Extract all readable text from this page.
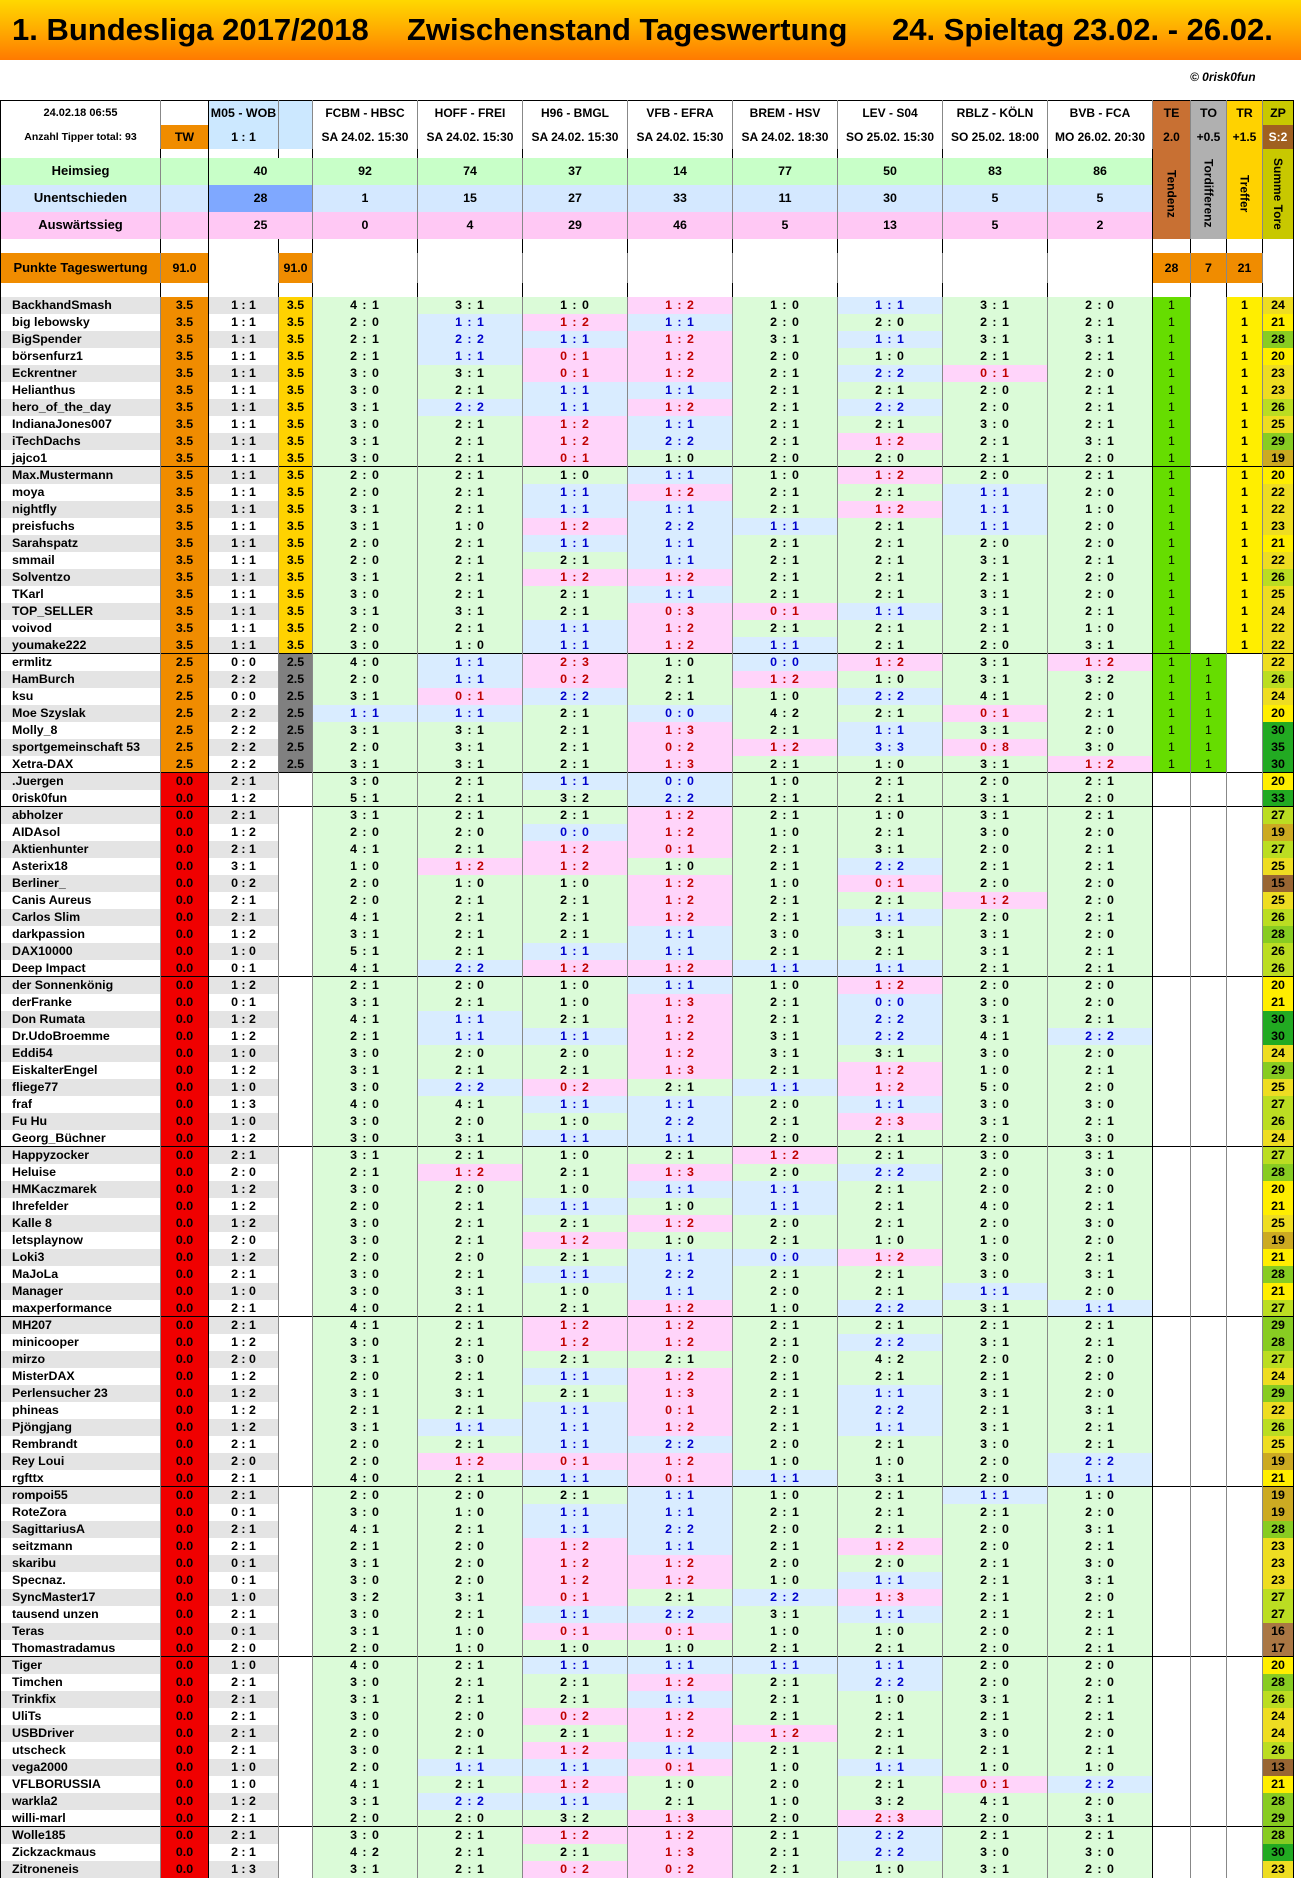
1. Bundesliga 2017/2018 Zwischenstand Tageswertung 24. Spieltag 23.02. - 26.02.
© 0risk0fun
24.02.18 06:55		M05 - WOB		FCBM - HBSC	HOFF - FREI	H96 - BMGL	VFB - EFRA	BREM - HSV	LEV - S04	RBLZ - KÖLN	BVB - FCA	TE	TO	TR	ZP
Anzahl Tipper total: 93	TW	1 : 1		SA 24.02. 15:30	SA 24.02. 15:30	SA 24.02. 15:30	SA 24.02. 15:30	SA 24.02. 18:30	SO 25.02. 15:30	SO 25.02. 18:00	MO 26.02. 20:30	2.0	+0.5	+1.5	S:2

												Tendenz	Tordifferenz	Treffer	Summe Tore

Heimsieg		40		92	74	37	14	77	50	83	86				
Unentschieden		28		1	15	27	33	11	30	5	5				
Auswärtssieg		25		0	4	29	46	5	13	5	2				

Punkte Tageswertung	91.0		91.0									28	7	21	

BackhandSmash	3.5	1 : 1	3.5	4 : 1	3 : 1	1 : 0	1 : 2	1 : 0	1 : 1	3 : 1	2 : 0	1		1	24
big lebowsky	3.5	1 : 1	3.5	2 : 0	1 : 1	1 : 2	1 : 1	2 : 0	2 : 0	2 : 1	2 : 1	1		1	21
BigSpender	3.5	1 : 1	3.5	2 : 1	2 : 2	1 : 1	1 : 2	3 : 1	1 : 1	3 : 1	3 : 1	1		1	28
börsenfurz1	3.5	1 : 1	3.5	2 : 1	1 : 1	0 : 1	1 : 2	2 : 0	1 : 0	2 : 1	2 : 1	1		1	20
Eckrentner	3.5	1 : 1	3.5	3 : 0	3 : 1	0 : 1	1 : 2	2 : 1	2 : 2	0 : 1	2 : 0	1		1	23
Helianthus	3.5	1 : 1	3.5	3 : 0	2 : 1	1 : 1	1 : 1	2 : 1	2 : 1	2 : 0	2 : 1	1		1	23
hero_of_the_day	3.5	1 : 1	3.5	3 : 1	2 : 2	1 : 1	1 : 2	2 : 1	2 : 2	2 : 0	2 : 1	1		1	26
IndianaJones007	3.5	1 : 1	3.5	3 : 0	2 : 1	1 : 2	1 : 1	2 : 1	2 : 1	3 : 0	2 : 1	1		1	25
iTechDachs	3.5	1 : 1	3.5	3 : 1	2 : 1	1 : 2	2 : 2	2 : 1	1 : 2	2 : 1	3 : 1	1		1	29
jajco1	3.5	1 : 1	3.5	3 : 0	2 : 1	0 : 1	1 : 0	2 : 0	2 : 0	2 : 1	2 : 0	1		1	19
Max.Mustermann	3.5	1 : 1	3.5	2 : 0	2 : 1	1 : 0	1 : 1	1 : 0	1 : 2	2 : 0	2 : 1	1		1	20
moya	3.5	1 : 1	3.5	2 : 0	2 : 1	1 : 1	1 : 2	2 : 1	2 : 1	1 : 1	2 : 0	1		1	22
nightfly	3.5	1 : 1	3.5	3 : 1	2 : 1	1 : 1	1 : 1	2 : 1	1 : 2	1 : 1	1 : 0	1		1	22
preisfuchs	3.5	1 : 1	3.5	3 : 1	1 : 0	1 : 2	2 : 2	1 : 1	2 : 1	1 : 1	2 : 0	1		1	23
Sarahspatz	3.5	1 : 1	3.5	2 : 0	2 : 1	1 : 1	1 : 1	2 : 1	2 : 1	2 : 0	2 : 0	1		1	21
smmail	3.5	1 : 1	3.5	2 : 0	2 : 1	2 : 1	1 : 1	2 : 1	2 : 1	3 : 1	2 : 1	1		1	22
Solventzo	3.5	1 : 1	3.5	3 : 1	2 : 1	1 : 2	1 : 2	2 : 1	2 : 1	2 : 1	2 : 0	1		1	26
TKarl	3.5	1 : 1	3.5	3 : 0	2 : 1	2 : 1	1 : 1	2 : 1	2 : 1	3 : 1	2 : 0	1		1	25
TOP_SELLER	3.5	1 : 1	3.5	3 : 1	3 : 1	2 : 1	0 : 3	0 : 1	1 : 1	3 : 1	2 : 1	1		1	24
voivod	3.5	1 : 1	3.5	2 : 0	2 : 1	1 : 1	1 : 2	2 : 1	2 : 1	2 : 1	1 : 0	1		1	22
youmake222	3.5	1 : 1	3.5	3 : 0	1 : 0	1 : 1	1 : 2	1 : 1	2 : 1	2 : 0	3 : 1	1		1	22
ermlitz	2.5	0 : 0	2.5	4 : 0	1 : 1	2 : 3	1 : 0	0 : 0	1 : 2	3 : 1	1 : 2	1	1		22
HamBurch	2.5	2 : 2	2.5	2 : 0	1 : 1	0 : 2	2 : 1	1 : 2	1 : 0	3 : 1	3 : 2	1	1		26
ksu	2.5	0 : 0	2.5	3 : 1	0 : 1	2 : 2	2 : 1	1 : 0	2 : 2	4 : 1	2 : 0	1	1		24
Moe Szyslak	2.5	2 : 2	2.5	1 : 1	1 : 1	2 : 1	0 : 0	4 : 2	2 : 1	0 : 1	2 : 1	1	1		20
Molly_8	2.5	2 : 2	2.5	3 : 1	3 : 1	2 : 1	1 : 3	2 : 1	1 : 1	3 : 1	2 : 0	1	1		30
sportgemeinschaft 53	2.5	2 : 2	2.5	2 : 0	3 : 1	2 : 1	0 : 2	1 : 2	3 : 3	0 : 8	3 : 0	1	1		35
Xetra-DAX	2.5	2 : 2	2.5	3 : 1	3 : 1	2 : 1	1 : 3	2 : 1	1 : 0	3 : 1	1 : 2	1	1		30
.Juergen	0.0	2 : 1		3 : 0	2 : 1	1 : 1	0 : 0	1 : 0	2 : 1	2 : 0	2 : 1				20
0risk0fun	0.0	1 : 2		5 : 1	2 : 1	3 : 2	2 : 2	2 : 1	2 : 1	3 : 1	2 : 0				33
abholzer	0.0	2 : 1		3 : 1	2 : 1	2 : 1	1 : 2	2 : 1	1 : 0	3 : 1	2 : 1				27
AIDAsol	0.0	1 : 2		2 : 0	2 : 0	0 : 0	1 : 2	1 : 0	2 : 1	3 : 0	2 : 0				19
Aktienhunter	0.0	2 : 1		4 : 1	2 : 1	1 : 2	0 : 1	2 : 1	3 : 1	2 : 0	2 : 1				27
Asterix18	0.0	3 : 1		1 : 0	1 : 2	1 : 2	1 : 0	2 : 1	2 : 2	2 : 1	2 : 1				25
Berliner_	0.0	0 : 2		2 : 0	1 : 0	1 : 0	1 : 2	1 : 0	0 : 1	2 : 0	2 : 0				15
Canis Aureus	0.0	2 : 1		2 : 0	2 : 1	2 : 1	1 : 2	2 : 1	2 : 1	1 : 2	2 : 0				25
Carlos Slim	0.0	2 : 1		4 : 1	2 : 1	2 : 1	1 : 2	2 : 1	1 : 1	2 : 0	2 : 1				26
darkpassion	0.0	1 : 2		3 : 1	2 : 1	2 : 1	1 : 1	3 : 0	3 : 1	3 : 1	2 : 0				28
DAX10000	0.0	1 : 0		5 : 1	2 : 1	1 : 1	1 : 1	2 : 1	2 : 1	3 : 1	2 : 1				26
Deep Impact	0.0	0 : 1		4 : 1	2 : 2	1 : 2	1 : 2	1 : 1	1 : 1	2 : 1	2 : 1				26
der Sonnenkönig	0.0	1 : 2		2 : 1	2 : 0	1 : 0	1 : 1	1 : 0	1 : 2	2 : 0	2 : 0				20
derFranke	0.0	0 : 1		3 : 1	2 : 1	1 : 0	1 : 3	2 : 1	0 : 0	3 : 0	2 : 0				21
Don Rumata	0.0	1 : 2		4 : 1	1 : 1	2 : 1	1 : 2	2 : 1	2 : 2	3 : 1	2 : 1				30
Dr.UdoBroemme	0.0	1 : 2		2 : 1	1 : 1	1 : 1	1 : 2	3 : 1	2 : 2	4 : 1	2 : 2				30
Eddi54	0.0	1 : 0		3 : 0	2 : 0	2 : 0	1 : 2	3 : 1	3 : 1	3 : 0	2 : 0				24
EiskalterEngel	0.0	1 : 2		3 : 1	2 : 1	2 : 1	1 : 3	2 : 1	1 : 2	1 : 0	2 : 1				29
fliege77	0.0	1 : 0		3 : 0	2 : 2	0 : 2	2 : 1	1 : 1	1 : 2	5 : 0	2 : 0				25
fraf	0.0	1 : 3		4 : 0	4 : 1	1 : 1	1 : 1	2 : 0	1 : 1	3 : 0	3 : 0				27
Fu Hu	0.0	1 : 0		3 : 0	2 : 0	1 : 0	2 : 2	2 : 1	2 : 3	3 : 1	2 : 1				26
Georg_Büchner	0.0	1 : 2		3 : 0	3 : 1	1 : 1	1 : 1	2 : 0	2 : 1	2 : 0	3 : 0				24
Happyzocker	0.0	2 : 1		3 : 1	2 : 1	1 : 0	2 : 1	1 : 2	2 : 1	3 : 0	3 : 1				27
Heluise	0.0	2 : 0		2 : 1	1 : 2	2 : 1	1 : 3	2 : 0	2 : 2	2 : 0	3 : 0				28
HMKaczmarek	0.0	1 : 2		3 : 0	2 : 0	1 : 0	1 : 1	1 : 1	2 : 1	2 : 0	2 : 0				20
Ihrefelder	0.0	1 : 2		2 : 0	2 : 1	1 : 1	1 : 0	1 : 1	2 : 1	4 : 0	2 : 1				21
Kalle 8	0.0	1 : 2		3 : 0	2 : 1	2 : 1	1 : 2	2 : 0	2 : 1	2 : 0	3 : 0				25
letsplaynow	0.0	2 : 0		3 : 0	2 : 1	1 : 2	1 : 0	2 : 1	1 : 0	1 : 0	2 : 0				19
Loki3	0.0	1 : 2		2 : 0	2 : 0	2 : 1	1 : 1	0 : 0	1 : 2	3 : 0	2 : 1				21
MaJoLa	0.0	2 : 1		3 : 0	2 : 1	1 : 1	2 : 2	2 : 1	2 : 1	3 : 0	3 : 1				28
Manager	0.0	1 : 0		3 : 0	3 : 1	1 : 0	1 : 1	2 : 0	2 : 1	1 : 1	2 : 0				21
maxperformance	0.0	2 : 1		4 : 0	2 : 1	2 : 1	1 : 2	1 : 0	2 : 2	3 : 1	1 : 1				27
MH207	0.0	2 : 1		4 : 1	2 : 1	1 : 2	1 : 2	2 : 1	2 : 1	2 : 1	2 : 1				29
minicooper	0.0	1 : 2		3 : 0	2 : 1	1 : 2	1 : 2	2 : 1	2 : 2	3 : 1	2 : 1				28
mirzo	0.0	2 : 0		3 : 1	3 : 0	2 : 1	2 : 1	2 : 0	4 : 2	2 : 0	2 : 0				27
MisterDAX	0.0	1 : 2		2 : 0	2 : 1	1 : 1	1 : 2	2 : 1	2 : 1	2 : 1	2 : 0				24
Perlensucher 23	0.0	1 : 2		3 : 1	3 : 1	2 : 1	1 : 3	2 : 1	1 : 1	3 : 1	2 : 0				29
phineas	0.0	1 : 2		2 : 1	2 : 1	1 : 1	0 : 1	2 : 1	2 : 2	2 : 1	3 : 1				22
Pjöngjang	0.0	1 : 2		3 : 1	1 : 1	1 : 1	1 : 2	2 : 1	1 : 1	3 : 1	2 : 1				26
Rembrandt	0.0	2 : 1		2 : 0	2 : 1	1 : 1	2 : 2	2 : 0	2 : 1	3 : 0	2 : 1				25
Rey Loui	0.0	2 : 0		2 : 0	1 : 2	0 : 1	1 : 2	1 : 0	1 : 0	2 : 0	2 : 2				19
rgfttx	0.0	2 : 1		4 : 0	2 : 1	1 : 1	0 : 1	1 : 1	3 : 1	2 : 0	1 : 1				21
rompoi55	0.0	2 : 1		2 : 0	2 : 0	2 : 1	1 : 1	1 : 0	2 : 1	1 : 1	1 : 0				19
RoteZora	0.0	0 : 1		3 : 0	1 : 0	1 : 1	1 : 1	2 : 1	2 : 1	2 : 1	2 : 0				19
SagittariusA	0.0	2 : 1		4 : 1	2 : 1	1 : 1	2 : 2	2 : 0	2 : 1	2 : 0	3 : 1				28
seitzmann	0.0	2 : 1		2 : 1	2 : 0	1 : 2	1 : 1	2 : 1	1 : 2	2 : 0	2 : 1				23
skaribu	0.0	0 : 1		3 : 1	2 : 0	1 : 2	1 : 2	2 : 0	2 : 0	2 : 1	3 : 0				23
Specnaz.	0.0	0 : 1		3 : 0	2 : 0	1 : 2	1 : 2	1 : 0	1 : 1	2 : 1	3 : 1				23
SyncMaster17	0.0	1 : 0		3 : 2	3 : 1	0 : 1	2 : 1	2 : 2	1 : 3	2 : 1	2 : 0				27
tausend unzen	0.0	2 : 1		3 : 0	2 : 1	1 : 1	2 : 2	3 : 1	1 : 1	2 : 1	2 : 1				27
Teras	0.0	0 : 1		3 : 1	1 : 0	0 : 1	0 : 1	1 : 0	1 : 0	2 : 0	2 : 1				16
Thomastradamus	0.0	2 : 0		2 : 0	1 : 0	1 : 0	1 : 0	2 : 1	2 : 1	2 : 0	2 : 1				17
Tiger	0.0	1 : 0		4 : 0	2 : 1	1 : 1	1 : 1	1 : 1	1 : 1	2 : 0	2 : 0				20
Timchen	0.0	2 : 1		3 : 0	2 : 1	2 : 1	1 : 2	2 : 1	2 : 2	2 : 0	2 : 0				28
Trinkfix	0.0	2 : 1		3 : 1	2 : 1	2 : 1	1 : 1	2 : 1	1 : 0	3 : 1	2 : 1				26
UliTs	0.0	2 : 1		3 : 0	2 : 0	0 : 2	1 : 2	2 : 1	2 : 1	2 : 1	2 : 1				24
USBDriver	0.0	2 : 1		2 : 0	2 : 0	2 : 1	1 : 2	1 : 2	2 : 1	3 : 0	2 : 0				24
utscheck	0.0	2 : 1		3 : 0	2 : 1	1 : 2	1 : 1	2 : 1	2 : 1	2 : 1	2 : 1				26
vega2000	0.0	1 : 0		2 : 0	1 : 1	1 : 1	0 : 1	1 : 0	1 : 1	1 : 0	1 : 0				13
VFLBORUSSIA	0.0	1 : 0		4 : 1	2 : 1	1 : 2	1 : 0	2 : 0	2 : 1	0 : 1	2 : 2				21
warkla2	0.0	1 : 2		3 : 1	2 : 2	1 : 1	2 : 1	1 : 0	3 : 2	4 : 1	2 : 0				28
willi-marl	0.0	2 : 1		2 : 0	2 : 0	3 : 2	1 : 3	2 : 0	2 : 3	2 : 0	3 : 1				29
Wolle185	0.0	2 : 1		3 : 0	2 : 1	1 : 2	1 : 2	2 : 1	2 : 2	2 : 1	2 : 1				28
Zickzackmaus	0.0	2 : 1		4 : 2	2 : 1	2 : 1	1 : 3	2 : 1	2 : 2	3 : 0	3 : 0				30
Zitroneneis	0.0	1 : 3		3 : 1	2 : 1	0 : 2	0 : 2	2 : 1	1 : 0	3 : 1	2 : 0				23
